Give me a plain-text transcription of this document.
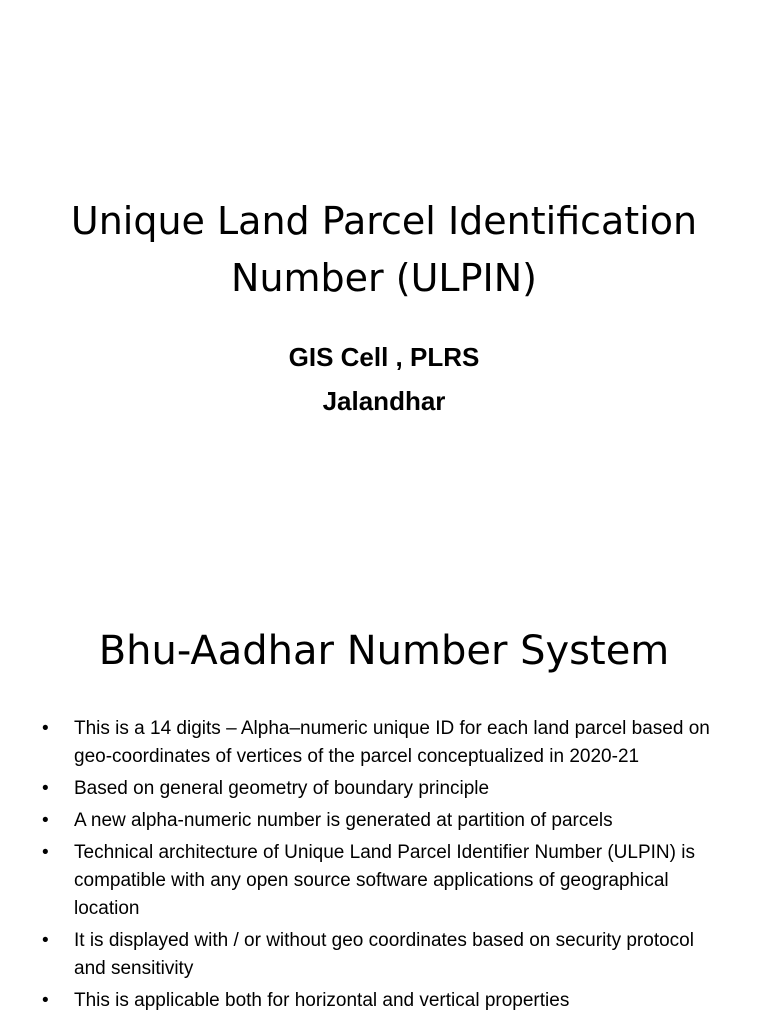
Unique Land Parcel Identification
Number (ULPIN)
GIS Cell , PLRS
Jalandhar
Bhu-Aadhar Number System
•	This is a 14 digits – Alpha–numeric unique ID for each land parcel based on geo-coordinates of vertices of the parcel conceptualized in 2020-21
•	Based on general geometry of boundary principle
•	A new alpha-numeric number is generated at partition of parcels
•	Technical architecture of Unique Land Parcel Identifier Number (ULPIN) is compatible with any open source software applications of geographical location
•	It is displayed with / or without geo coordinates based on security protocol and sensitivity
•	This is applicable both for horizontal and vertical properties
